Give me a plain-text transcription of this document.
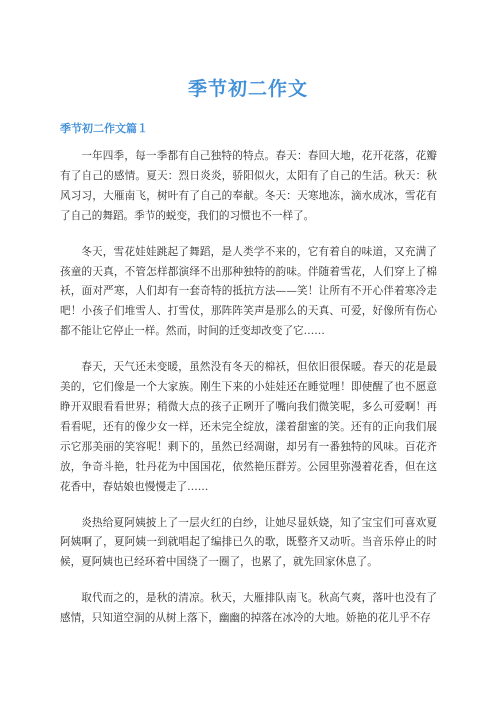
季节初二作文
季节初二作文篇１

一年四季，每一季都有自己独特的特点。春天：春回大地，花开花落，花瓣有了自己的感情。夏天：烈日炎炎，骄阳似火，太阳有了自己的生活。秋天：秋风习习，大雁南飞，树叶有了自己的奉献。冬天：天寒地冻，滴水成冰，雪花有了自己的舞蹈。季节的蜕变，我们的习惯也不一样了。

冬天，雪花娃娃跳起了舞蹈，是人类学不来的，它有着自的味道，又充满了孩童的天真，不管怎样都演绎不出那种独特的韵味。伴随着雪花，人们穿上了棉袄，面对严寒，人们却有一套奇特的抵抗方法——笑！让所有不开心伴着寒冷走吧！小孩子们堆雪人、打雪仗，那阵阵笑声是那么的天真、可爱，好像所有伤心都不能让它停止一样。然而，时间的迁变却改变了它……

春天，天气还未变暖，虽然没有冬天的棉袄，但依旧很保暖。春天的花是最美的，它们像是一个大家族。刚生下来的小娃娃还在睡觉哩！即使醒了也不愿意睁开双眼看看世界；稍微大点的孩子正咧开了嘴向我们微笑呢，多么可爱啊！再看看呢，还有的像少女一样，还未完全绽放，漾着甜蜜的笑。还有的正向我们展示它那美丽的笑容呢！剩下的，虽然已经凋谢，却另有一番独特的风味。百花齐放，争奇斗艳，牡丹花为中国国花，依然艳压群芳。公园里弥漫着花香，但在这花香中，春姑娘也慢慢走了……

炎热给夏阿姨披上了一层火红的白纱，让她尽显妖娆，知了宝宝们可喜欢夏阿姨啊了，夏阿姨一到就唱起了编排已久的歌，既整齐又动听。当音乐停止的时候，夏阿姨也已经环着中国绕了一圈了，也累了，就先回家休息了。

取代而之的，是秋的清凉。秋天，大雁排队南飞。秋高气爽，落叶也没有了感情，只知道空洞的从树上落下，幽幽的掉落在冰冷的大地。娇艳的花儿乎不存
